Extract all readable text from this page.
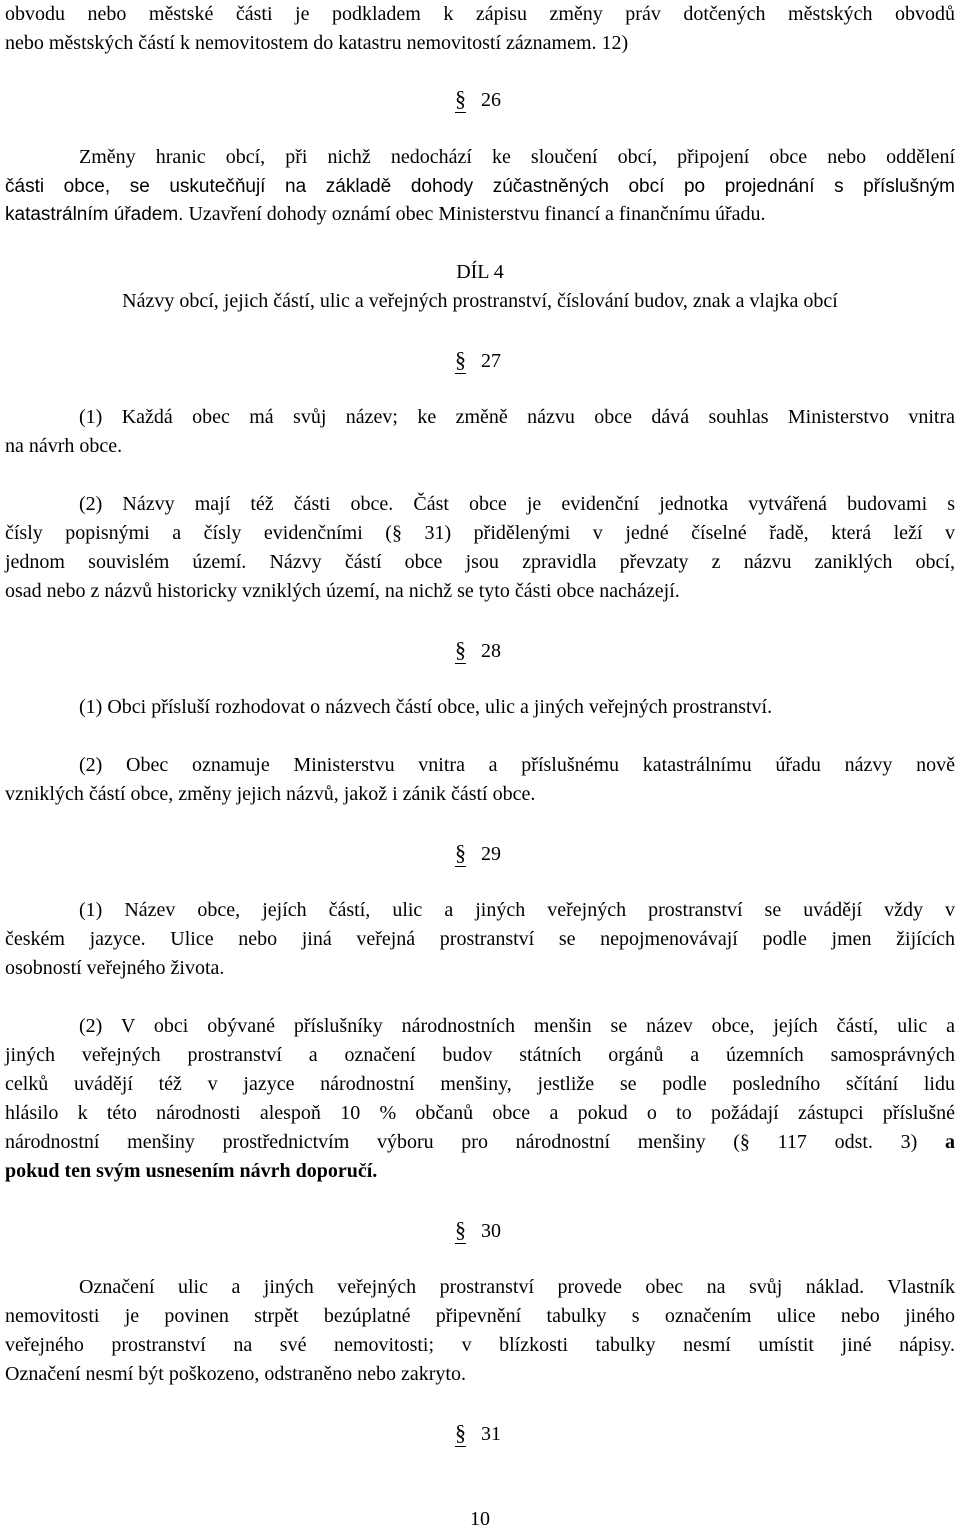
obvodu nebo městské části je podkladem k zápisu změny práv dotčených městských obvodů
nebo městských částí k nemovitostem do katastru nemovitostí záznamem. 12)
§ 26
Změny hranic obcí, při nichž nedochází ke sloučení obcí, připojení obce nebo oddělení
části obce, se uskutečňují na základě dohody zúčastněných obcí po projednání s příslušným
katastrálním úřadem. Uzavření dohody oznámí obec Ministerstvu financí a finančnímu úřadu.
DÍL 4
Názvy obcí, jejich částí, ulic a veřejných prostranství, číslování budov, znak a vlajka obcí
§ 27
(1) Každá obec má svůj název; ke změně názvu obce dává souhlas Ministerstvo vnitra
na návrh obce.
(2) Názvy mají též části obce. Část obce je evidenční jednotka vytvářená budovami s
čísly popisnými a čísly evidenčními (§ 31) přidělenými v jedné číselné řadě, která leží v
jednom souvislém území. Názvy částí obce jsou zpravidla převzaty z názvu zaniklých obcí,
osad nebo z názvů historicky vzniklých území, na nichž se tyto části obce nacházejí.
§ 28
(1) Obci přísluší rozhodovat o názvech částí obce, ulic a jiných veřejných prostranství.
(2) Obec oznamuje Ministerstvu vnitra a příslušnému katastrálnímu úřadu názvy nově
vzniklých částí obce, změny jejich názvů, jakož i zánik částí obce.
§ 29
(1) Název obce, jejích částí, ulic a jiných veřejných prostranství se uvádějí vždy v
českém jazyce. Ulice nebo jiná veřejná prostranství se nepojmenovávají podle jmen žijících
osobností veřejného života.
(2) V obci obývané příslušníky národnostních menšin se název obce, jejích částí, ulic a
jiných veřejných prostranství a označení budov státních orgánů a územních samosprávných
celků uvádějí též v jazyce národnostní menšiny, jestliže se podle posledního sčítání lidu
hlásilo k této národnosti alespoň 10 % občanů obce a pokud o to požádají zástupci příslušné
národnostní menšiny prostřednictvím výboru pro národnostní menšiny (§ 117 odst. 3) a
pokud ten svým usnesením návrh doporučí.
§ 30
Označení ulic a jiných veřejných prostranství provede obec na svůj náklad. Vlastník
nemovitosti je povinen strpět bezúplatné připevnění tabulky s označením ulice nebo jiného
veřejného prostranství na své nemovitosti; v blízkosti tabulky nesmí umístit jiné nápisy.
Označení nesmí být poškozeno, odstraněno nebo zakryto.
§ 31
10
